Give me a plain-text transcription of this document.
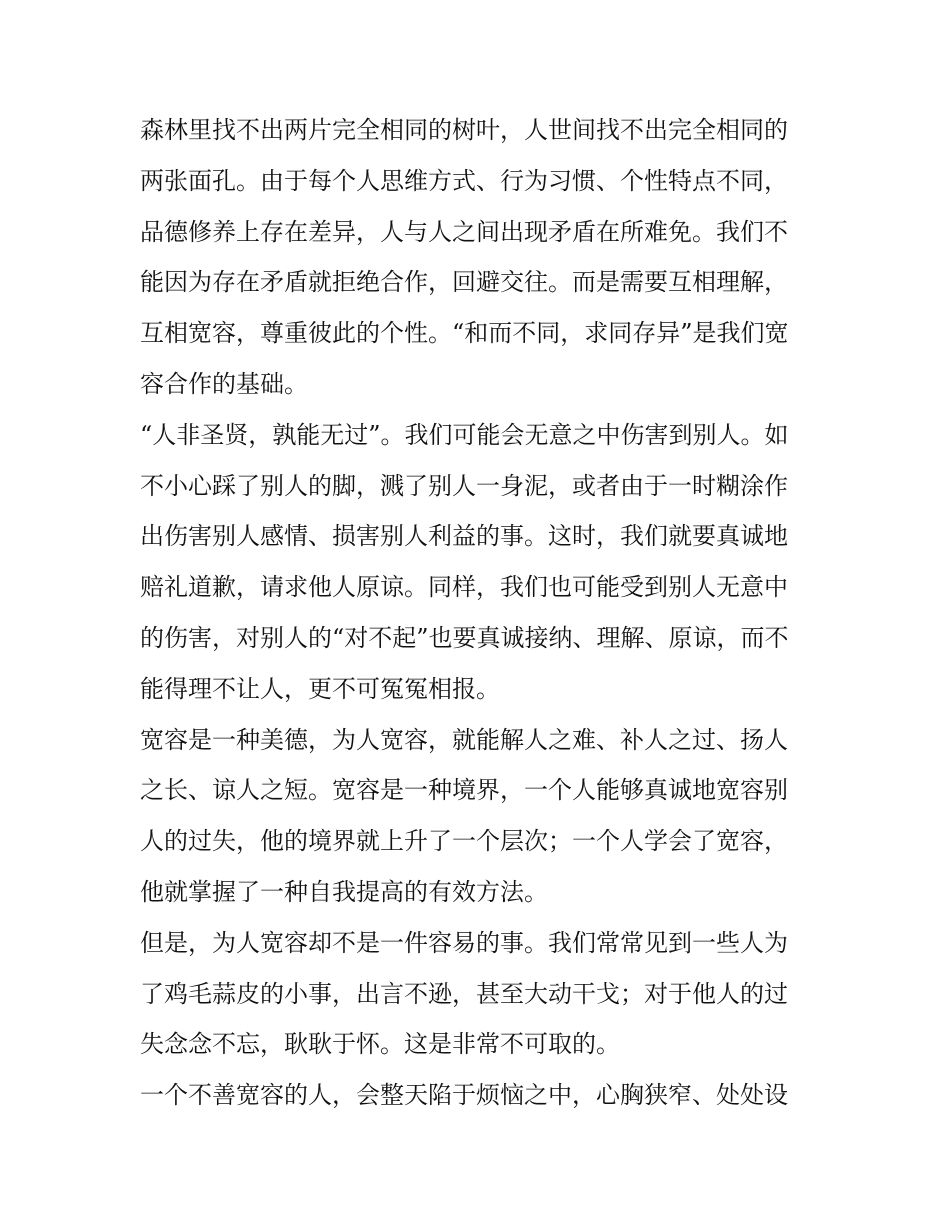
森林里找不出两片完全相同的树叶，人世间找不出完全相同的
两张面孔。由于每个人思维方式、行为习惯、个性特点不同，
品德修养上存在差异，人与人之间出现矛盾在所难免。我们不
能因为存在矛盾就拒绝合作，回避交往。而是需要互相理解，
互相宽容，尊重彼此的个性。“和而不同，求同存异”是我们宽
容合作的基础。
“人非圣贤，孰能无过”。我们可能会无意之中伤害到别人。如
不小心踩了别人的脚，溅了别人一身泥，或者由于一时糊涂作
出伤害别人感情、损害别人利益的事。这时，我们就要真诚地
赔礼道歉，请求他人原谅。同样，我们也可能受到别人无意中
的伤害，对别人的“对不起”也要真诚接纳、理解、原谅，而不
能得理不让人，更不可冤冤相报。
宽容是一种美德，为人宽容，就能解人之难、补人之过、扬人
之长、谅人之短。宽容是一种境界，一个人能够真诚地宽容别
人的过失，他的境界就上升了一个层次；一个人学会了宽容，
他就掌握了一种自我提高的有效方法。
但是，为人宽容却不是一件容易的事。我们常常见到一些人为
了鸡毛蒜皮的小事，出言不逊，甚至大动干戈；对于他人的过
失念念不忘，耿耿于怀。这是非常不可取的。
一个不善宽容的人，会整天陷于烦恼之中，心胸狭窄、处处设
